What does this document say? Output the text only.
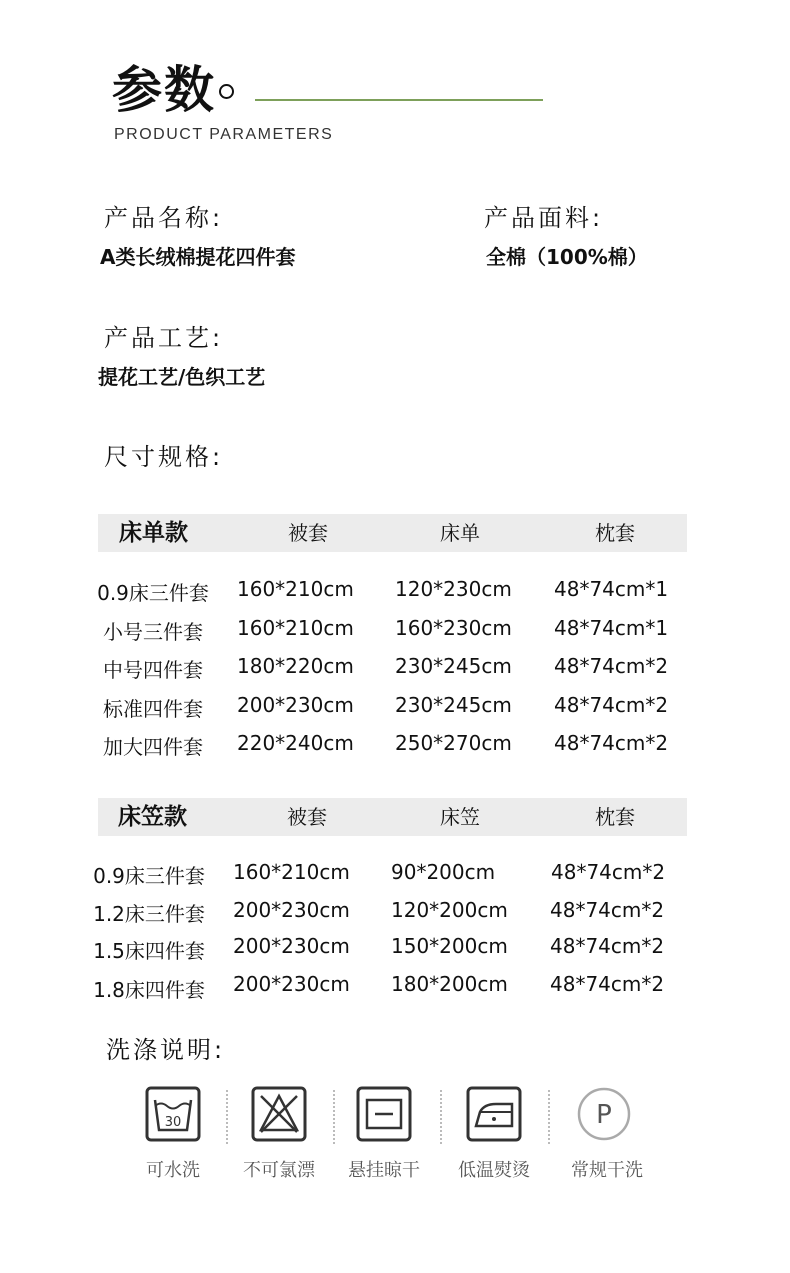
参数
PRODUCT PARAMETERS
产品名称:
A类长绒棉提花四件套
产品面料:
全棉（100%棉）
产品工艺:
提花工艺/色织工艺
尺寸规格:
床单款	被套	床单	枕套
0.9床三件套	160*210cm 120*230cm 48*74cm*1
小号三件套	160*210cm 160*230cm 48*74cm*1
中号四件套	180*220cm 230*245cm 48*74cm*2
标准四件套	200*230cm 230*245cm 48*74cm*2
加大四件套	220*240cm 250*270cm 48*74cm*2
床笠款	被套	床笠	枕套
0.9床三件套	160*210cm 90*200cm	48*74cm*2
1.2床三件套	200*230cm 120*200cm 48*74cm*2
1.5床四件套	200*230cm 150*200cm 48*74cm*2
1.8床四件套	200*230cm 180*200cm 48*74cm*2
洗涤说明:
30
可水洗	不可氯漂	悬挂晾干	低温熨烫
P
常规干洗
